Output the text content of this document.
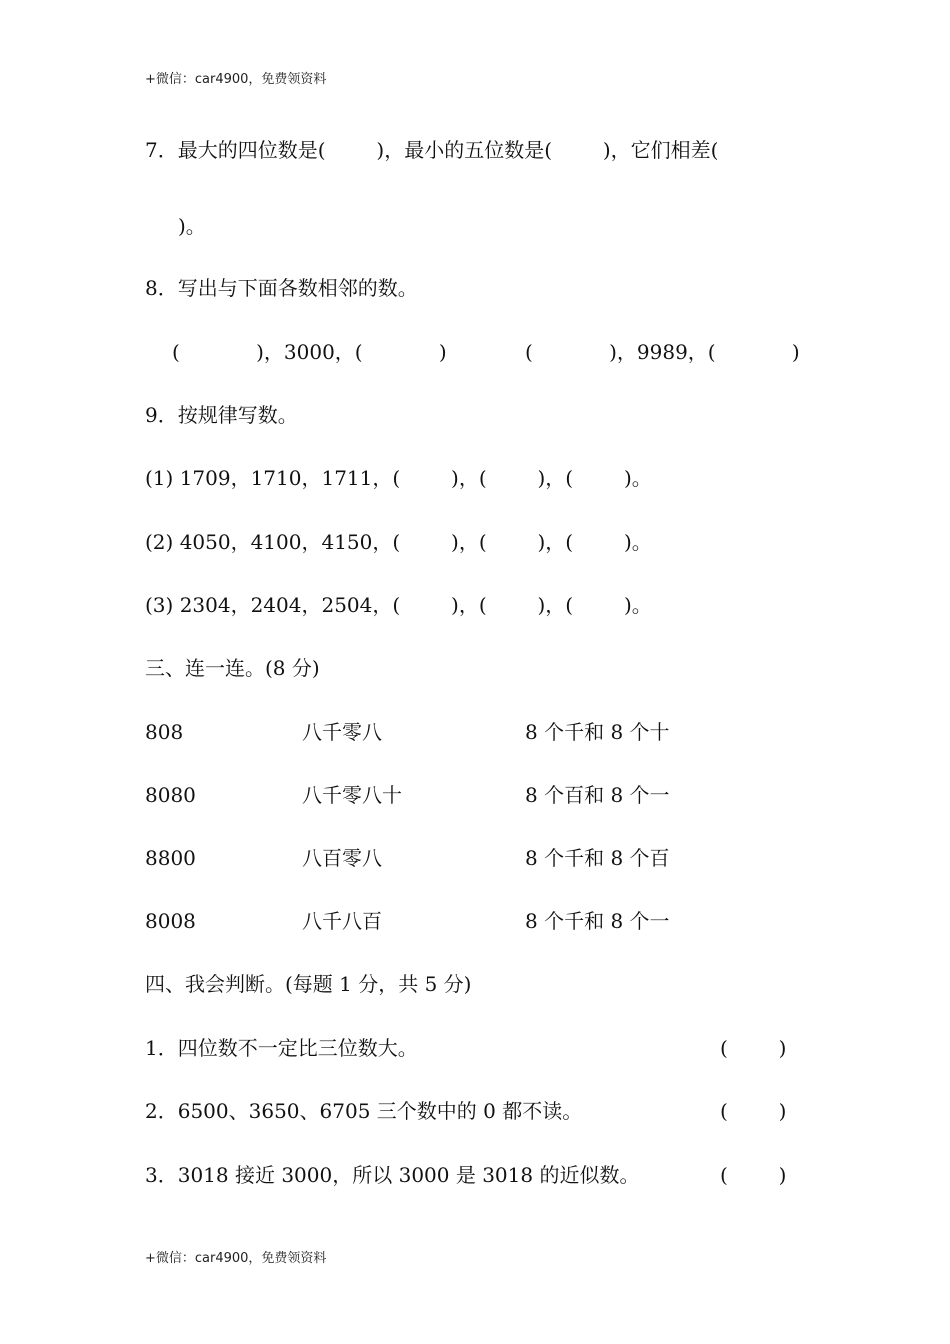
+微信：car4900，免费领资料
7．最大的四位数是(        )，最小的五位数是(        )，它们相差(
)。
8．写出与下面各数相邻的数。
(            )，3000，(            )	(            )，9989，(            )
9．按规律写数。
(1) 1709，1710，1711，(        )，(        )，(        )。
(2) 4050，4100，4150，(        )，(        )，(        )。
(3) 2304，2404，2504，(        )，(        )，(        )。
三、连一连。(8 分)
808	八千零八	8 个千和 8 个十
8080	八千零八十	8 个百和 8 个一
8800	八百零八	8 个千和 8 个百
8008	八千八百	8 个千和 8 个一
四、我会判断。(每题 1 分，共 5 分)
1．四位数不一定比三位数大。	(        )
2．6500、3650、6705 三个数中的 0 都不读。	(        )
3．3018 接近 3000，所以 3000 是 3018 的近似数。	(        )
+微信：car4900，免费领资料
